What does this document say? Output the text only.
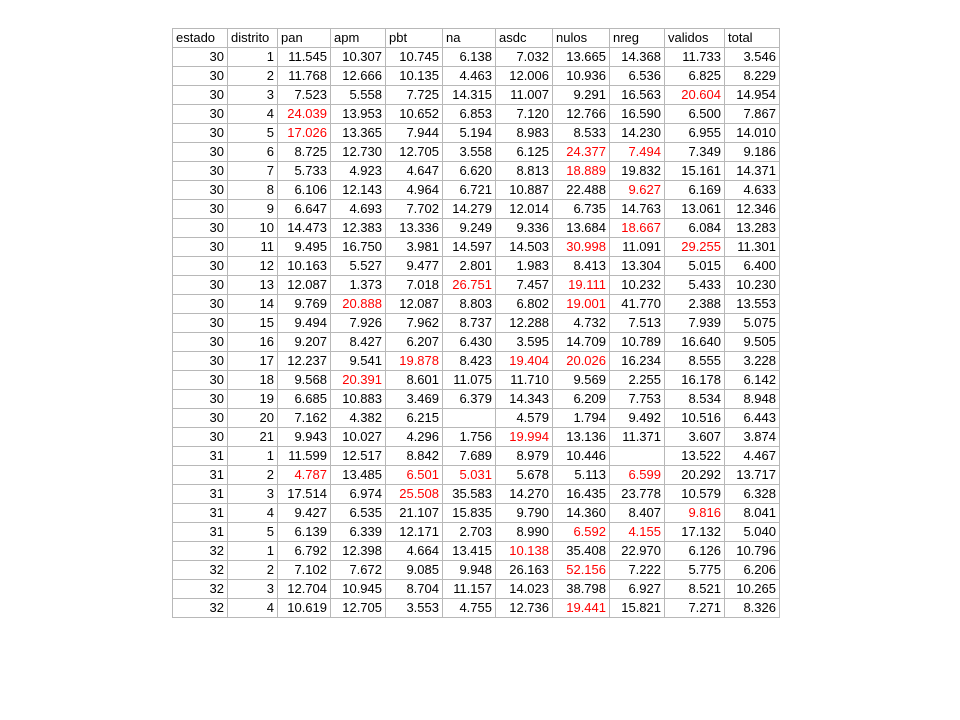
estado	distrito	pan	apm	pbt	na	asdc	nulos	nreg	validos	total
30	1	11.545	10.307	10.745	6.138	7.032	13.665	14.368	11.733	3.546
30	2	11.768	12.666	10.135	4.463	12.006	10.936	6.536	6.825	8.229
30	3	7.523	5.558	7.725	14.315	11.007	9.291	16.563	20.604	14.954
30	4	24.039	13.953	10.652	6.853	7.120	12.766	16.590	6.500	7.867
30	5	17.026	13.365	7.944	5.194	8.983	8.533	14.230	6.955	14.010
30	6	8.725	12.730	12.705	3.558	6.125	24.377	7.494	7.349	9.186
30	7	5.733	4.923	4.647	6.620	8.813	18.889	19.832	15.161	14.371
30	8	6.106	12.143	4.964	6.721	10.887	22.488	9.627	6.169	4.633
30	9	6.647	4.693	7.702	14.279	12.014	6.735	14.763	13.061	12.346
30	10	14.473	12.383	13.336	9.249	9.336	13.684	18.667	6.084	13.283
30	11	9.495	16.750	3.981	14.597	14.503	30.998	11.091	29.255	11.301
30	12	10.163	5.527	9.477	2.801	1.983	8.413	13.304	5.015	6.400
30	13	12.087	1.373	7.018	26.751	7.457	19.111	10.232	5.433	10.230
30	14	9.769	20.888	12.087	8.803	6.802	19.001	41.770	2.388	13.553
30	15	9.494	7.926	7.962	8.737	12.288	4.732	7.513	7.939	5.075
30	16	9.207	8.427	6.207	6.430	3.595	14.709	10.789	16.640	9.505
30	17	12.237	9.541	19.878	8.423	19.404	20.026	16.234	8.555	3.228
30	18	9.568	20.391	8.601	11.075	11.710	9.569	2.255	16.178	6.142
30	19	6.685	10.883	3.469	6.379	14.343	6.209	7.753	8.534	8.948
30	20	7.162	4.382	6.215		4.579	1.794	9.492	10.516	6.443
30	21	9.943	10.027	4.296	1.756	19.994	13.136	11.371	3.607	3.874
31	1	11.599	12.517	8.842	7.689	8.979	10.446		13.522	4.467
31	2	4.787	13.485	6.501	5.031	5.678	5.113	6.599	20.292	13.717
31	3	17.514	6.974	25.508	35.583	14.270	16.435	23.778	10.579	6.328
31	4	9.427	6.535	21.107	15.835	9.790	14.360	8.407	9.816	8.041
31	5	6.139	6.339	12.171	2.703	8.990	6.592	4.155	17.132	5.040
32	1	6.792	12.398	4.664	13.415	10.138	35.408	22.970	6.126	10.796
32	2	7.102	7.672	9.085	9.948	26.163	52.156	7.222	5.775	6.206
32	3	12.704	10.945	8.704	11.157	14.023	38.798	6.927	8.521	10.265
32	4	10.619	12.705	3.553	4.755	12.736	19.441	15.821	7.271	8.326
